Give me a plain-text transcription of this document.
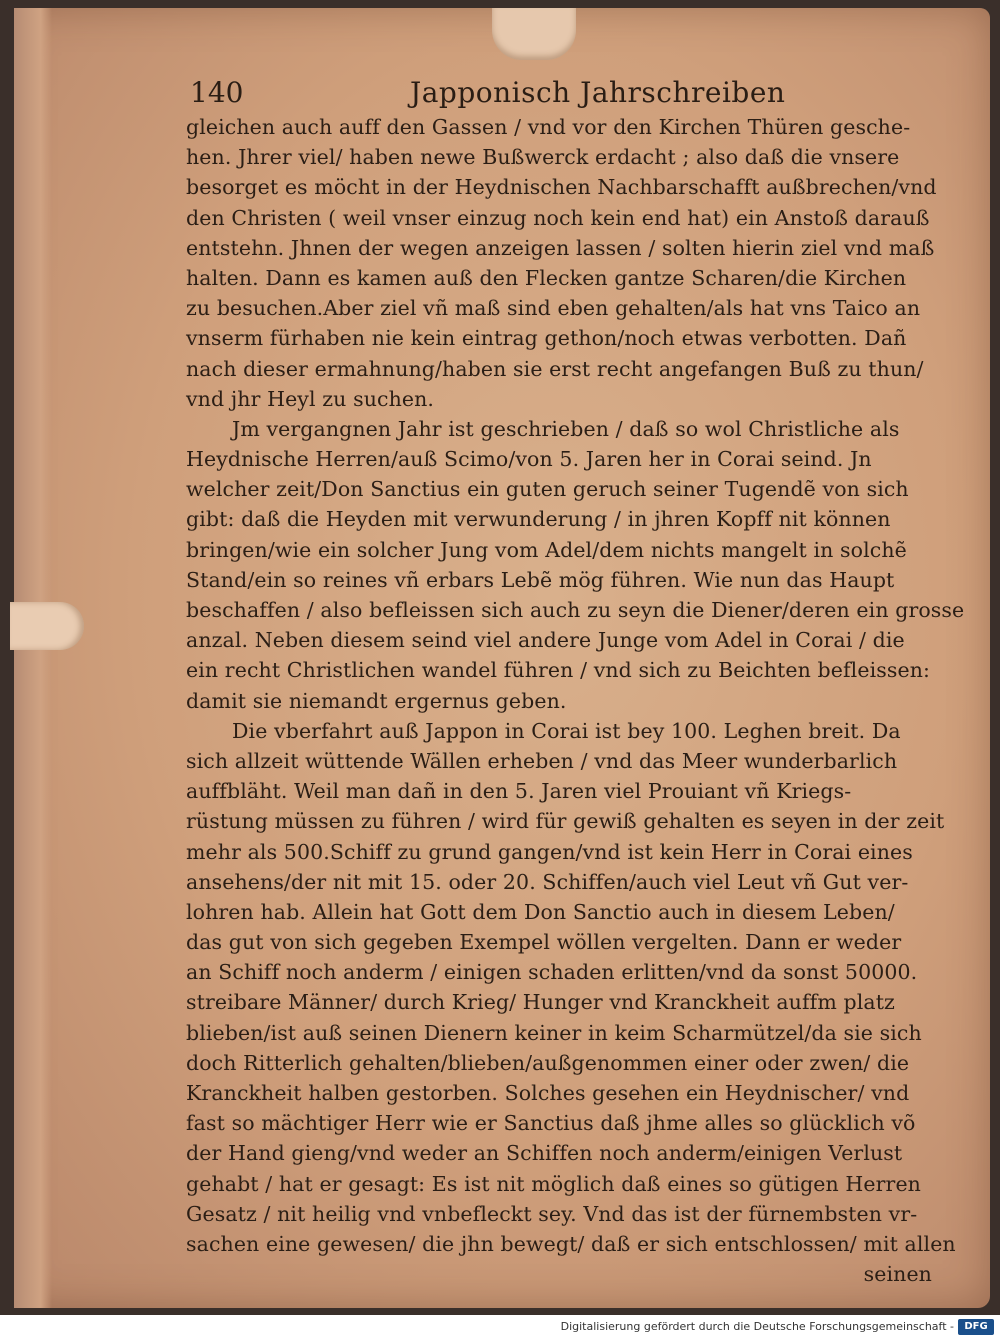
140	Japponisch Jahrschreiben
gleichen auch auff den Gassen / vnd vor den Kirchen Thüren gesche-
hen. Jhrer viel/ haben newe Bußwerck erdacht ; also daß die vnsere
besorget es möcht in der Heydnischen Nachbarschafft außbrechen/vnd
den Christen ( weil vnser einzug noch kein end hat) ein Anstoß darauß
entstehn. Jhnen der wegen anzeigen lassen / solten hierin ziel vnd maß
halten. Dann es kamen auß den Flecken gantze Scharen/die Kirchen
zu besuchen.Aber ziel vñ maß sind eben gehalten/als hat vns Taico an
vnserm fürhaben nie kein eintrag gethon/noch etwas verbotten. Dañ
nach dieser ermahnung/haben sie erst recht angefangen Buß zu thun/
vnd jhr Heyl zu suchen.
Jm vergangnen Jahr ist geschrieben / daß so wol Christliche als
Heydnische Herren/auß Scimo/von 5. Jaren her in Corai seind. Jn
welcher zeit/Don Sanctius ein guten geruch seiner Tugendẽ von sich
gibt: daß die Heyden mit verwunderung / in jhren Kopff nit können
bringen/wie ein solcher Jung vom Adel/dem nichts mangelt in solchẽ
Stand/ein so reines vñ erbars Lebẽ mög führen. Wie nun das Haupt
beschaffen / also befleissen sich auch zu seyn die Diener/deren ein grosse
anzal. Neben diesem seind viel andere Junge vom Adel in Corai / die
ein recht Christlichen wandel führen / vnd sich zu Beichten befleissen:
damit sie niemandt ergernus geben.
Die vberfahrt auß Jappon in Corai ist bey 100. Leghen breit. Da
sich allzeit wüttende Wällen erheben / vnd das Meer wunderbarlich
auffbläht. Weil man dañ in den 5. Jaren viel Prouiant vñ Kriegs-
rüstung müssen zu führen / wird für gewiß gehalten es seyen in der zeit
mehr als 500.Schiff zu grund gangen/vnd ist kein Herr in Corai eines
ansehens/der nit mit 15. oder 20. Schiffen/auch viel Leut vñ Gut ver-
lohren hab. Allein hat Gott dem Don Sanctio auch in diesem Leben/
das gut von sich gegeben Exempel wöllen vergelten. Dann er weder
an Schiff noch anderm / einigen schaden erlitten/vnd da sonst 50000.
streibare Männer/ durch Krieg/ Hunger vnd Kranckheit auffm platz
blieben/ist auß seinen Dienern keiner in keim Scharmützel/da sie sich
doch Ritterlich gehalten/blieben/außgenommen einer oder zwen/ die
Kranckheit halben gestorben. Solches gesehen ein Heydnischer/ vnd
fast so mächtiger Herr wie er Sanctius daß jhme alles so glücklich võ
der Hand gieng/vnd weder an Schiffen noch anderm/einigen Verlust
gehabt / hat er gesagt: Es ist nit möglich daß eines so gütigen Herren
Gesatz / nit heilig vnd vnbefleckt sey. Vnd das ist der fürnembsten vr-
sachen eine gewesen/ die jhn bewegt/ daß er sich entschlossen/ mit allen
seinen
Digitalisierung gefördert durch die Deutsche Forschungsgemeinschaft -	DFG
